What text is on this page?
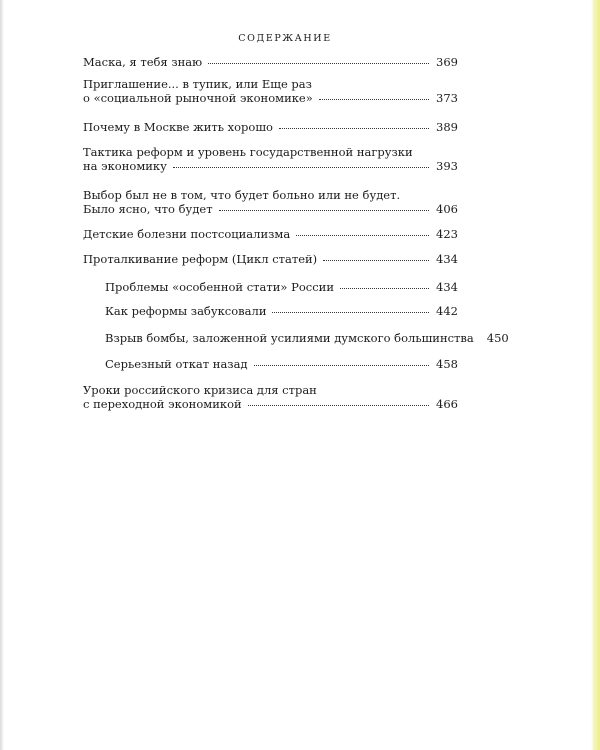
СОДЕРЖАНИЕ
Маска, я тебя знаю	369
Приглашение... в тупик, или Еще раз
о «социальной рыночной экономике»	373
Почему в Москве жить хорошо	389
Тактика реформ и уровень государственной нагрузки
на экономику	393
Выбор был не в том, что будет больно или не будет.
Было ясно, что будет	406
Детские болезни постсоциализма	423
Проталкивание реформ (Цикл статей)	434
Проблемы «особенной стати» России	434
Как реформы забуксовали	442
Взрыв бомбы, заложенной усилиями думского большинства	450
Серьезный откат назад	458
Уроки российского кризиса для стран
с переходной экономикой	466
